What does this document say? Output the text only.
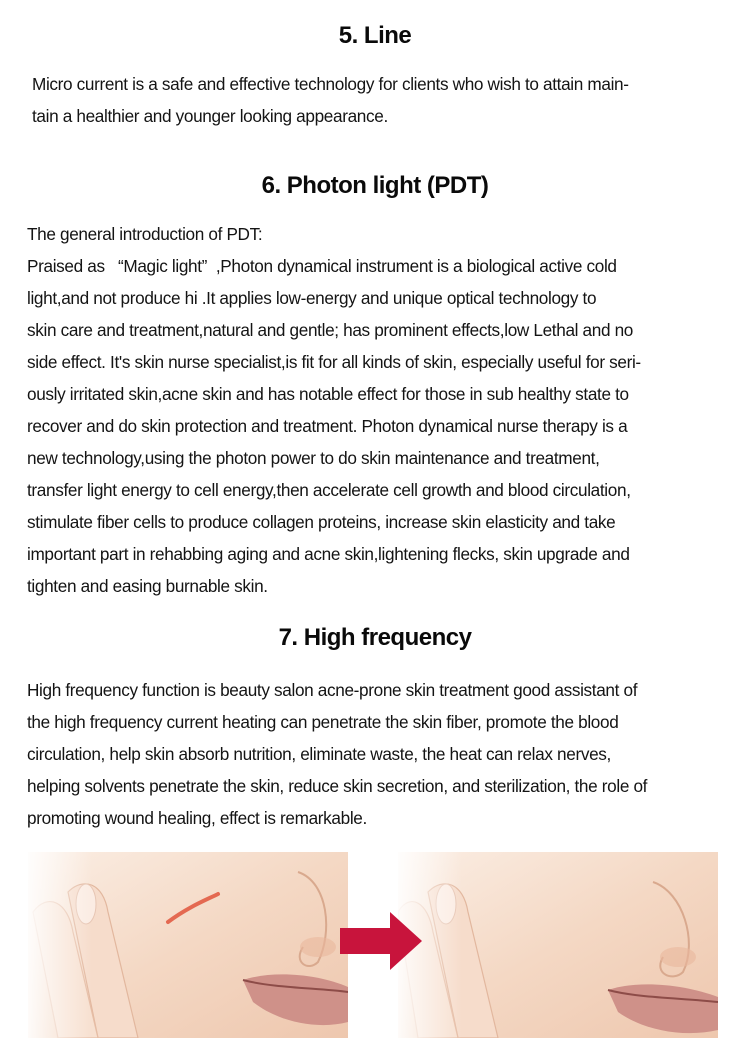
5. Line
Micro current is a safe and effective technology for clients who wish to attain main-
tain a healthier and younger looking appearance.
6. Photon light (PDT)
The general introduction of PDT:
Praised as   “Magic light”  ,Photon dynamical instrument is a biological active cold
light,and not produce hi .It applies low-energy and unique optical technology to
skin care and treatment,natural and gentle; has prominent effects,low Lethal and no
side effect. It's skin nurse specialist,is fit for all kinds of skin, especially useful for seri-
ously irritated skin,acne skin and has notable effect for those in sub healthy state to
recover and do skin protection and treatment. Photon dynamical nurse therapy is a
new technology,using the photon power to do skin maintenance and treatment,
transfer light energy to cell energy,then accelerate cell growth and blood circulation,
stimulate fiber cells to produce collagen proteins, increase skin elasticity and take
important part in rehabbing aging and acne skin,lightening flecks, skin upgrade and
tighten and easing burnable skin.
7. High frequency
High frequency function is beauty salon acne-prone skin treatment good assistant of
the high frequency current heating can penetrate the skin fiber, promote the blood
circulation, help skin absorb nutrition, eliminate waste, the heat can relax nerves,
helping solvents penetrate the skin, reduce skin secretion, and sterilization, the role of
promoting wound healing, effect is remarkable.
